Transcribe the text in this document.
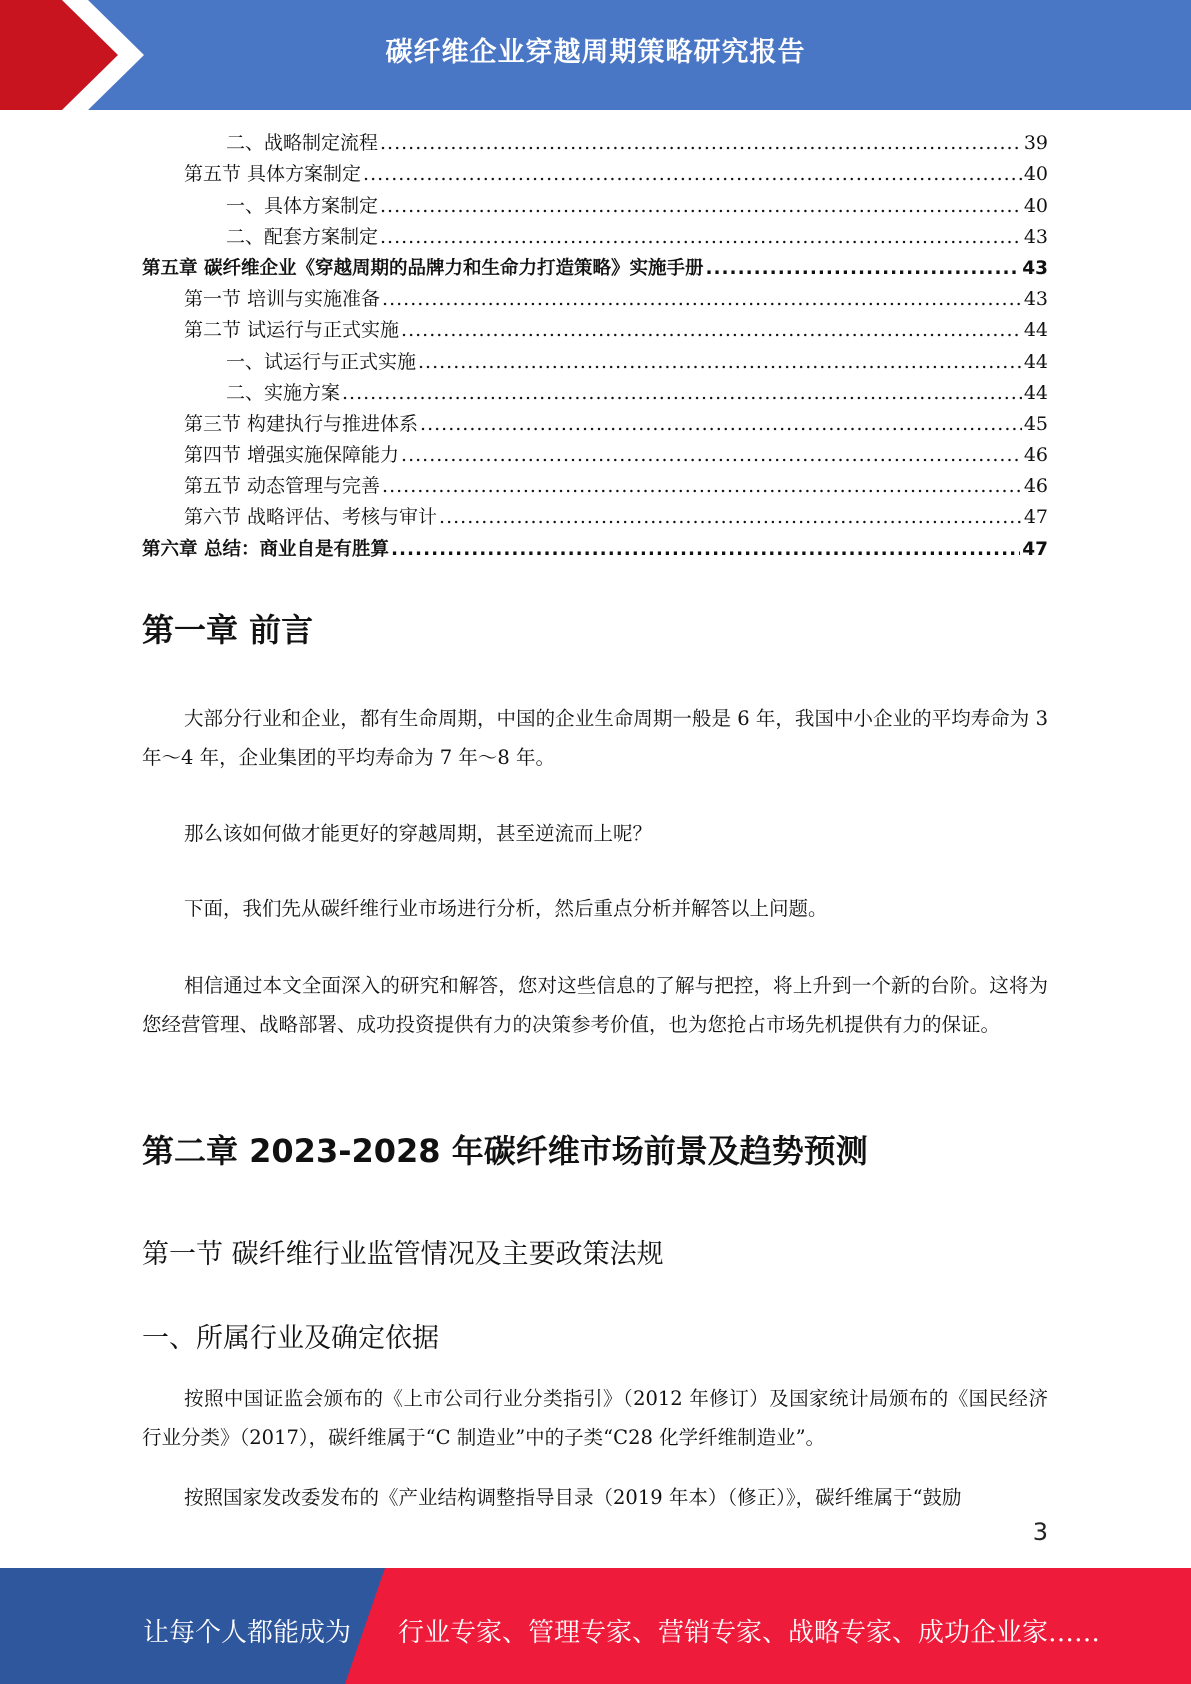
碳纤维企业穿越周期策略研究报告
二、战略制定流程 .....	39
第五节 具体方案制定 .....	40
一、具体方案制定 .....	40
二、配套方案制定 .....	43
第五章 碳纤维企业《穿越周期的品牌力和生命力打造策略》实施手册 .....	43
第一节 培训与实施准备 .....	43
第二节 试运行与正式实施 .....	44
一、试运行与正式实施 .....	44
二、实施方案 .....	44
第三节 构建执行与推进体系 .....	45
第四节 增强实施保障能力 .....	46
第五节 动态管理与完善 .....	46
第六节 战略评估、考核与审计 .....	47
第六章 总结：商业自是有胜算 .....	47
第一章 前言
大部分行业和企业，都有生命周期，中国的企业生命周期一般是 6 年，我国中小企业的平均寿命为 3 年～4 年，企业集团的平均寿命为 7 年～8 年。
那么该如何做才能更好的穿越周期，甚至逆流而上呢？
下面，我们先从碳纤维行业市场进行分析，然后重点分析并解答以上问题。
相信通过本文全面深入的研究和解答，您对这些信息的了解与把控，将上升到一个新的台阶。这将为您经营管理、战略部署、成功投资提供有力的决策参考价值，也为您抢占市场先机提供有力的保证。
第二章 2023-2028 年碳纤维市场前景及趋势预测
第一节 碳纤维行业监管情况及主要政策法规
一、所属行业及确定依据
按照中国证监会颁布的《上市公司行业分类指引》（2012 年修订）及国家统计局颁布的《国民经济行业分类》（2017），碳纤维属于“C 制造业”中的子类“C28 化学纤维制造业”。
按照国家发改委发布的《产业结构调整指导目录（2019 年本）（修正）》，碳纤维属于“鼓励
3
让每个人都能成为 行业专家、管理专家、营销专家、战略专家、成功企业家……
